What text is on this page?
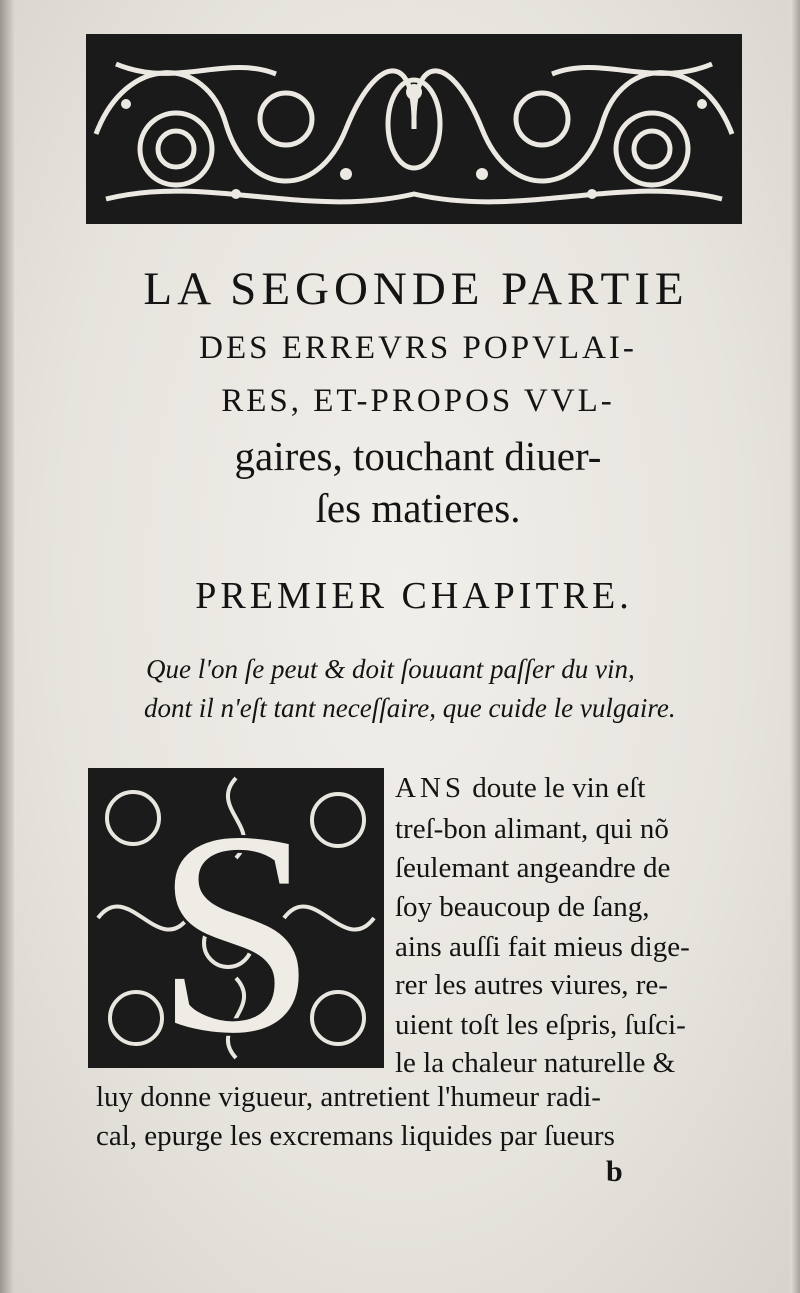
LA SEGONDE PARTIE
DES ERREVRS POPVLAI-
RES, ET-PROPOS VVL-
gaires, touchant diuer-
ſes matieres.
PREMIER CHAPITRE.
Que l'on ſe peut & doit ſouuant paſſer du vin,
dont il n'eſt tant neceſſaire, que cuide le vulgaire.
S	ANS doute le vin eſt
treſ-bon alimant, qui nõ
ſeulemant angeandre de
ſoy beaucoup de ſang,
ains auſſi fait mieus dige-
rer les autres viures, re-
uient toſt les eſpris, ſuſci-
le la chaleur naturelle &
luy donne vigueur, antretient l'humeur radi-
cal, epurge les excremans liquides par ſueurs
b
